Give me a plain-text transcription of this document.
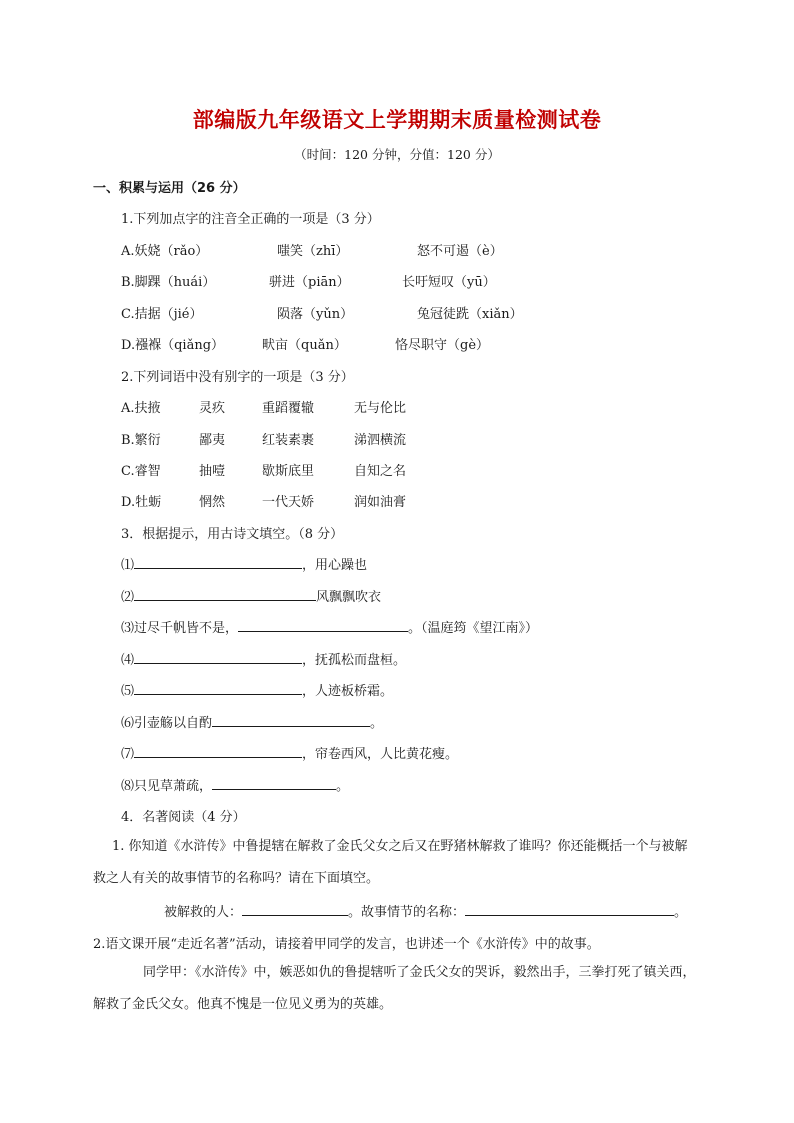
部编版九年级语文上学期期末质量检测试卷
（时间：120 分钟，分值：120 分）
一、积累与运用（26 分）
1.下列加点字的注音全正确的一项是（3 分）
A.妖娆（rǎo）	嗤笑（zhī）	怒不可遏（è）
B.脚踝（huái）	骈进（piān）	长吁短叹（yū）
C.拮据（jié）	陨落（yǔn）	兔冠徒跣（xiǎn）
D.襁褓（qiǎng）	畎亩（quǎn）	恪尽职守（gè）
2.下列词语中没有别字的一项是（3 分）
A.扶掖	灵疚	重蹈覆辙	无与伦比
B.繁衍	鄙夷	红装素裹	涕泗横流
C.睿智	抽噎	歇斯底里	自知之名
D.牡蛎	惘然	一代天娇	润如油膏
3．根据提示，用古诗文填空。（8 分）
⑴	，用心躁也
⑵	风飘飘吹衣
⑶过尽千帆皆不是，	。（温庭筠《望江南》）
⑷	，抚孤松而盘桓。
⑸	，人迹板桥霜。
⑹引壶觞以自酌	。
⑺	，帘卷西风，人比黄花瘦。
⑻只见草萧疏，	。
4．名著阅读（4 分）
1. 你知道《水浒传》中鲁提辖在解救了金氏父女之后又在野猪林解救了谁吗？你还能概括一个与被解救之人有关的故事情节的名称吗？请在下面填空。
被解救的人：	。故事情节的名称：	。
2.语文课开展“走近名著”活动，请接着甲同学的发言，也讲述一个《水浒传》中的故事。
同学甲：《水浒传》中，嫉恶如仇的鲁提辖听了金氏父女的哭诉，毅然出手，三拳打死了镇关西，解救了金氏父女。他真不愧是一位见义勇为的英雄。
